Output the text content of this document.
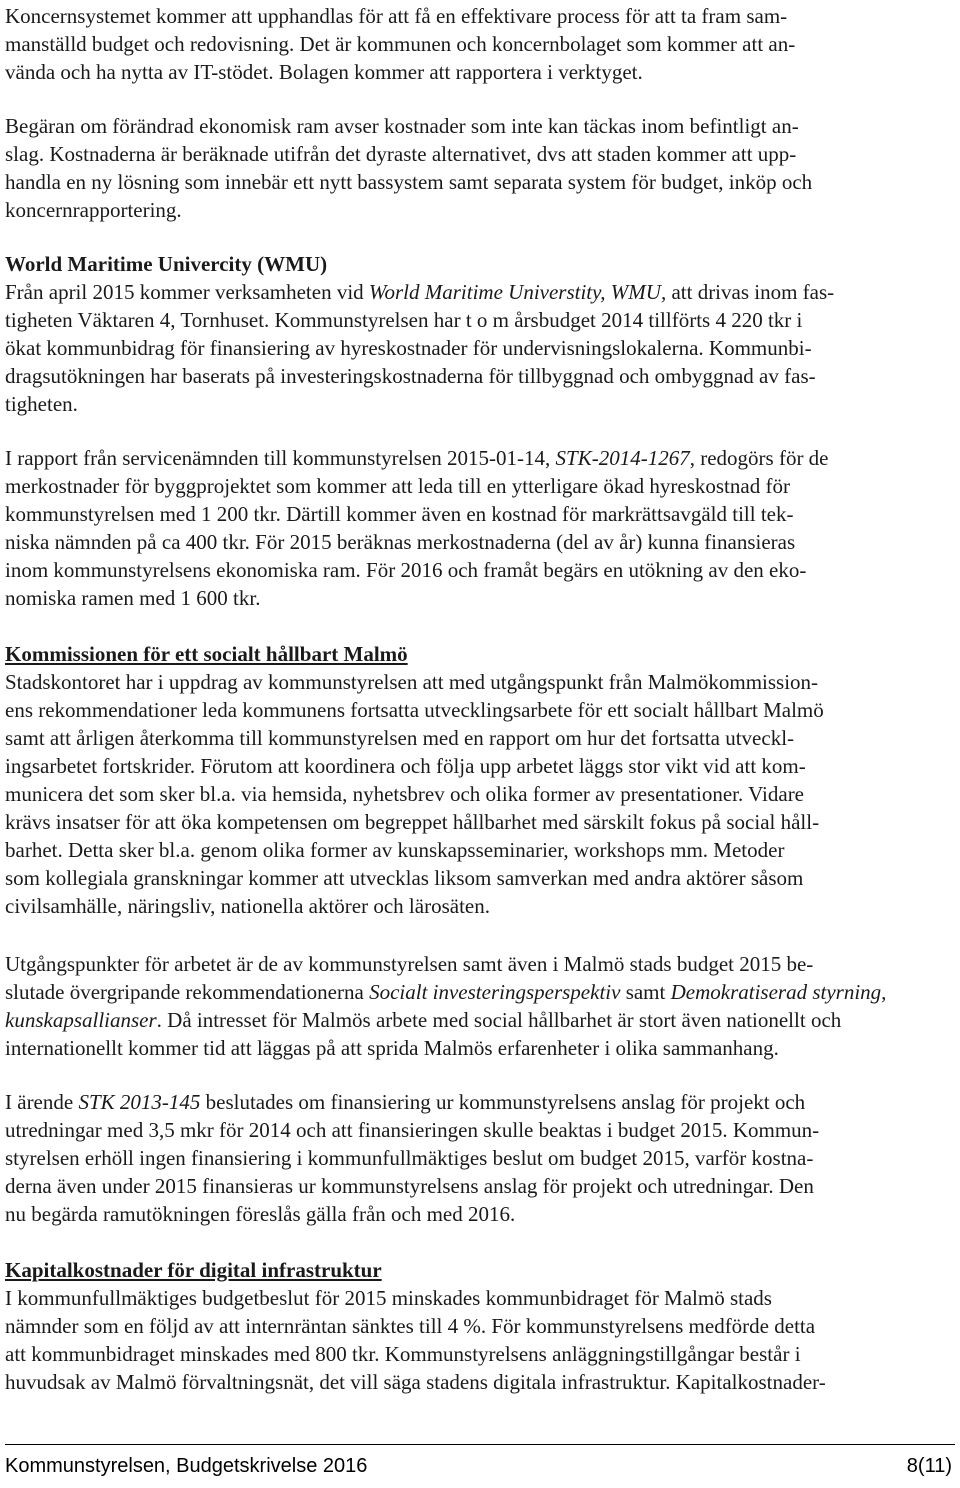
Koncernsystemet kommer att upphandlas för att få en effektivare process för att ta fram sam-
manställd budget och redovisning. Det är kommunen och koncernbolaget som kommer att an-
vända och ha nytta av IT-stödet. Bolagen kommer att rapportera i verktyget.
Begäran om förändrad ekonomisk ram avser kostnader som inte kan täckas inom befintligt an-
slag. Kostnaderna är beräknade utifrån det dyraste alternativet, dvs att staden kommer att upp-
handla en ny lösning som innebär ett nytt bassystem samt separata system för budget, inköp och
koncernrapportering.
World Maritime Univercity (WMU)
Från april 2015 kommer verksamheten vid World Maritime Universtity, WMU, att drivas inom fas-
tigheten Väktaren 4, Tornhuset. Kommunstyrelsen har t o m årsbudget 2014 tillförts 4 220 tkr i
ökat kommunbidrag för finansiering av hyreskostnader för undervisningslokalerna. Kommunbi-
dragsutökningen har baserats på investeringskostnaderna för tillbyggnad och ombyggnad av fas-
tigheten.
I rapport från servicenämnden till kommunstyrelsen 2015-01-14, STK-2014-1267, redogörs för de
merkostnader för byggprojektet som kommer att leda till en ytterligare ökad hyreskostnad för
kommunstyrelsen med 1 200 tkr. Därtill kommer även en kostnad för markrättsavgäld till tek-
niska nämnden på ca 400 tkr. För 2015 beräknas merkostnaderna (del av år) kunna finansieras
inom kommunstyrelsens ekonomiska ram. För 2016 och framåt begärs en utökning av den eko-
nomiska ramen med 1 600 tkr.
Kommissionen för ett socialt hållbart Malmö
Stadskontoret har i uppdrag av kommunstyrelsen att med utgångspunkt från Malmökommission-
ens rekommendationer leda kommunens fortsatta utvecklingsarbete för ett socialt hållbart Malmö
samt att årligen återkomma till kommunstyrelsen med en rapport om hur det fortsatta utveckl-
ingsarbetet fortskrider. Förutom att koordinera och följa upp arbetet läggs stor vikt vid att kom-
municera det som sker bl.a. via hemsida, nyhetsbrev och olika former av presentationer. Vidare
krävs insatser för att öka kompetensen om begreppet hållbarhet med särskilt fokus på social håll-
barhet. Detta sker bl.a. genom olika former av kunskapsseminarier, workshops mm. Metoder
som kollegiala granskningar kommer att utvecklas liksom samverkan med andra aktörer såsom
civilsamhälle, näringsliv, nationella aktörer och lärosäten.
Utgångspunkter för arbetet är de av kommunstyrelsen samt även i Malmö stads budget 2015 be-
slutade övergripande rekommendationerna Socialt investeringsperspektiv samt Demokratiserad styrning,
kunskapsallianser. Då intresset för Malmös arbete med social hållbarhet är stort även nationellt och
internationellt kommer tid att läggas på att sprida Malmös erfarenheter i olika sammanhang.
I ärende STK 2013-145 beslutades om finansiering ur kommunstyrelsens anslag för projekt och
utredningar med 3,5 mkr för 2014 och att finansieringen skulle beaktas i budget 2015. Kommun-
styrelsen erhöll ingen finansiering i kommunfullmäktiges beslut om budget 2015, varför kostna-
derna även under 2015 finansieras ur kommunstyrelsens anslag för projekt och utredningar. Den
nu begärda ramutökningen föreslås gälla från och med 2016.
Kapitalkostnader för digital infrastruktur
I kommunfullmäktiges budgetbeslut för 2015 minskades kommunbidraget för Malmö stads
nämnder som en följd av att internräntan sänktes till 4 %. För kommunstyrelsens medförde detta
att kommunbidraget minskades med 800 tkr. Kommunstyrelsens anläggningstillgångar består i
huvudsak av Malmö förvaltningsnät, det vill säga stadens digitala infrastruktur. Kapitalkostnader-
Kommunstyrelsen, Budgetskrivelse 2016	8(11)
